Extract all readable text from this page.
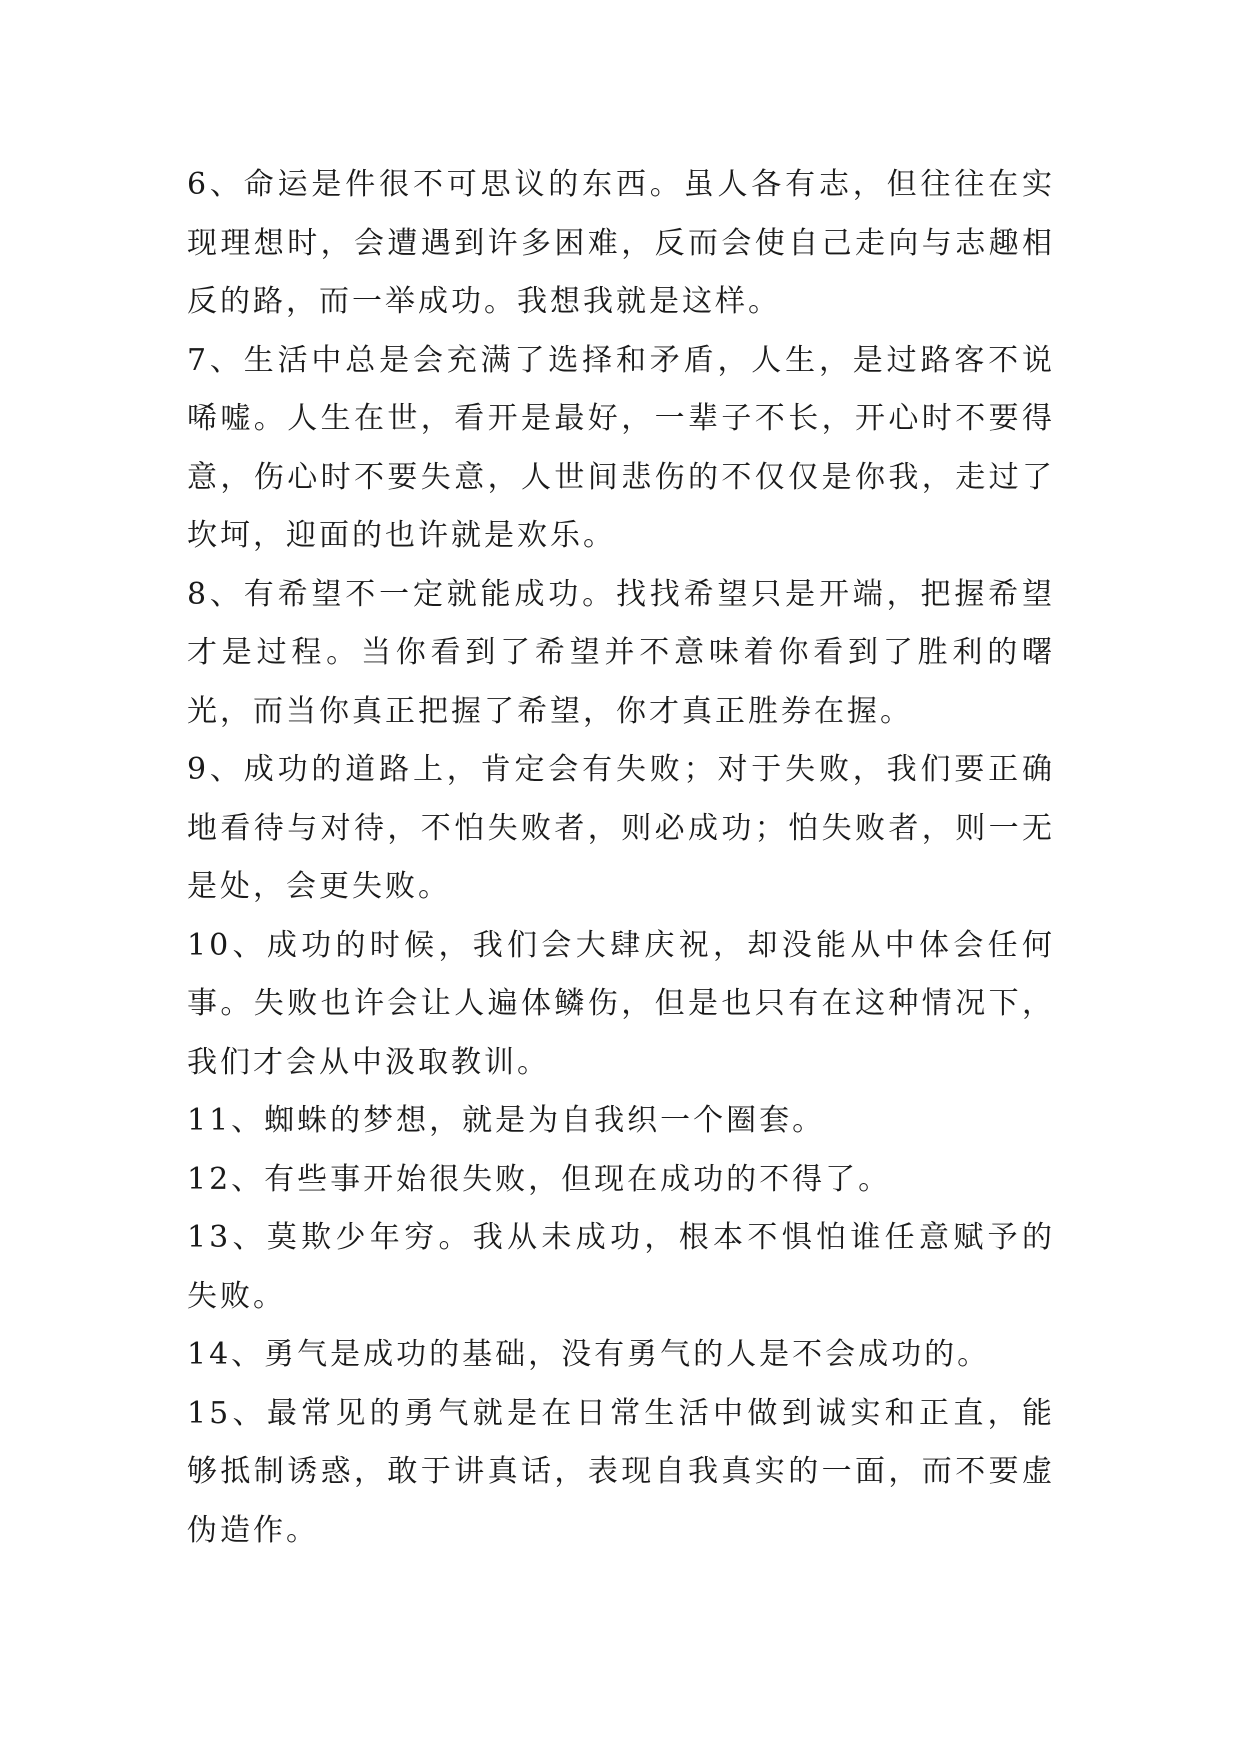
6、命运是件很不可思议的东西。虽人各有志，但往往在实现理想时，会遭遇到许多困难，反而会使自己走向与志趣相反的路，而一举成功。我想我就是这样。

7、生活中总是会充满了选择和矛盾，人生，是过路客不说唏嘘。人生在世，看开是最好，一辈子不长，开心时不要得意，伤心时不要失意，人世间悲伤的不仅仅是你我，走过了坎坷，迎面的也许就是欢乐。

8、有希望不一定就能成功。找找希望只是开端，把握希望才是过程。当你看到了希望并不意味着你看到了胜利的曙光，而当你真正把握了希望，你才真正胜券在握。

9、成功的道路上，肯定会有失败；对于失败，我们要正确地看待与对待，不怕失败者，则必成功；怕失败者，则一无是处，会更失败。

10、成功的时候，我们会大肆庆祝，却没能从中体会任何事。失败也许会让人遍体鳞伤，但是也只有在这种情况下，我们才会从中汲取教训。

11、蜘蛛的梦想，就是为自我织一个圈套。

12、有些事开始很失败，但现在成功的不得了。

13、莫欺少年穷。我从未成功，根本不惧怕谁任意赋予的失败。

14、勇气是成功的基础，没有勇气的人是不会成功的。

15、最常见的勇气就是在日常生活中做到诚实和正直，能够抵制诱惑，敢于讲真话，表现自我真实的一面，而不要虚伪造作。
